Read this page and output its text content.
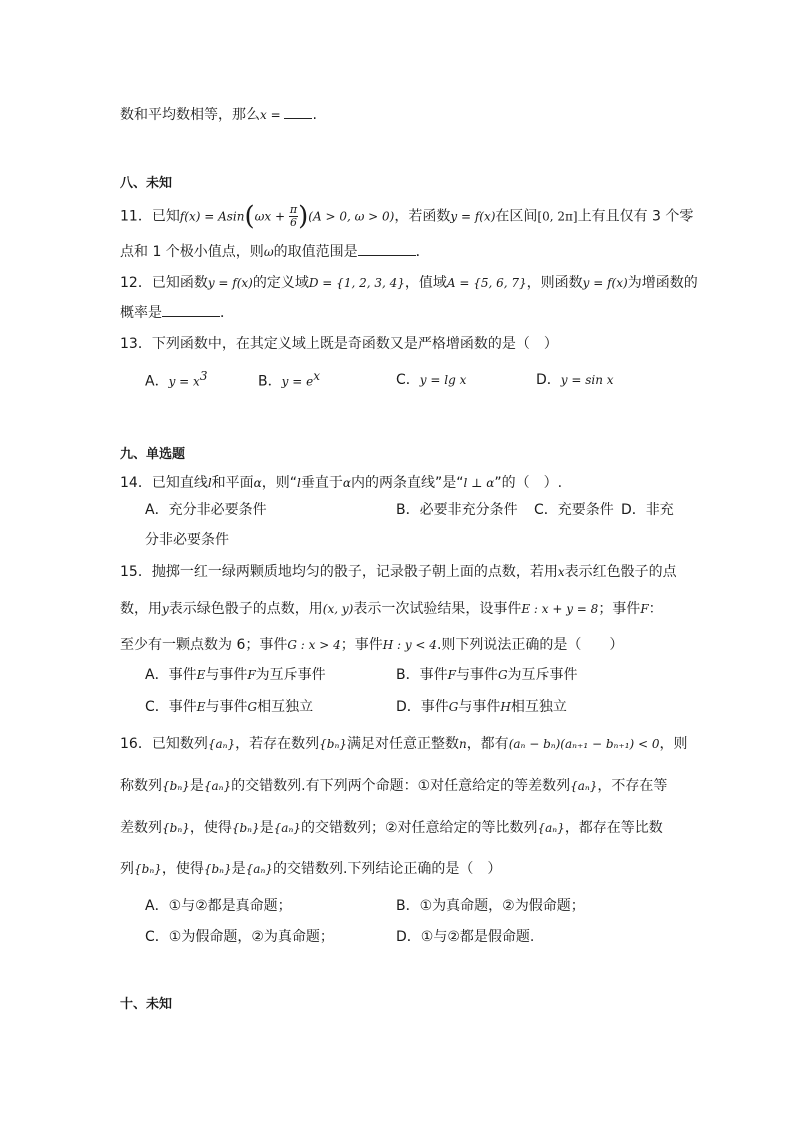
数和平均数相等，那么x = .
八、未知
11．已知$f(x) = Asin(\omega x + \frac{\pi}{6} )(A > 0$, ω > 0)，若函数y = f(x)在区间[0, 2π]上有且仅有 3 个零
点和 1 个极小值点，则ω的取值范围是	．
12．已知函数y = f(x)的定义域D = {1, 2, 3, 4}，值域A = {5, 6, 7}，则函数y = f(x)为增函数的
概率是	．
13．下列函数中，在其定义域上既是奇函数又是严格增函数的是（　）
A．$y = x^3$	B．$y = e^x$	C．y = lg x	D．y = sin x
九、单选题
14．已知直线l和平面α，则“l垂直于α内的两条直线”是“l ⊥ α”的（　）.
A．充分非必要条件	B．必要非充分条件 C．充要条件 D．非充
分非必要条件
15．抛掷一红一绿两颗质地均匀的骰子，记录骰子朝上面的点数，若用x表示红色骰子的点
数，用y表示绿色骰子的点数，用(x, y)表示一次试验结果，设事件E : x + y = 8；事件F：
至少有一颗点数为 6；事件G : x > 4；事件H : y < 4.则下列说法正确的是（　　）
A．事件E与事件F为互斥事件	B．事件F与事件G为互斥事件
C．事件E与事件G相互独立	D．事件G与事件H相互独立
16．已知数列{aₙ}，若存在数列{bₙ}满足对任意正整数n，都有(aₙ − bₙ)(aₙ₊₁ − bₙ₊₁) < 0，则
称数列{bₙ}是{aₙ}的交错数列.有下列两个命题：①对任意给定的等差数列{aₙ}，不存在等
差数列{bₙ}，使得{bₙ}是{aₙ}的交错数列；②对任意给定的等比数列{aₙ}，都存在等比数
列{bₙ}，使得{bₙ}是{aₙ}的交错数列.下列结论正确的是（　）
A．①与②都是真命题；	B．①为真命题，②为假命题；
C．①为假命题，②为真命题；	D．①与②都是假命题.
十、未知
